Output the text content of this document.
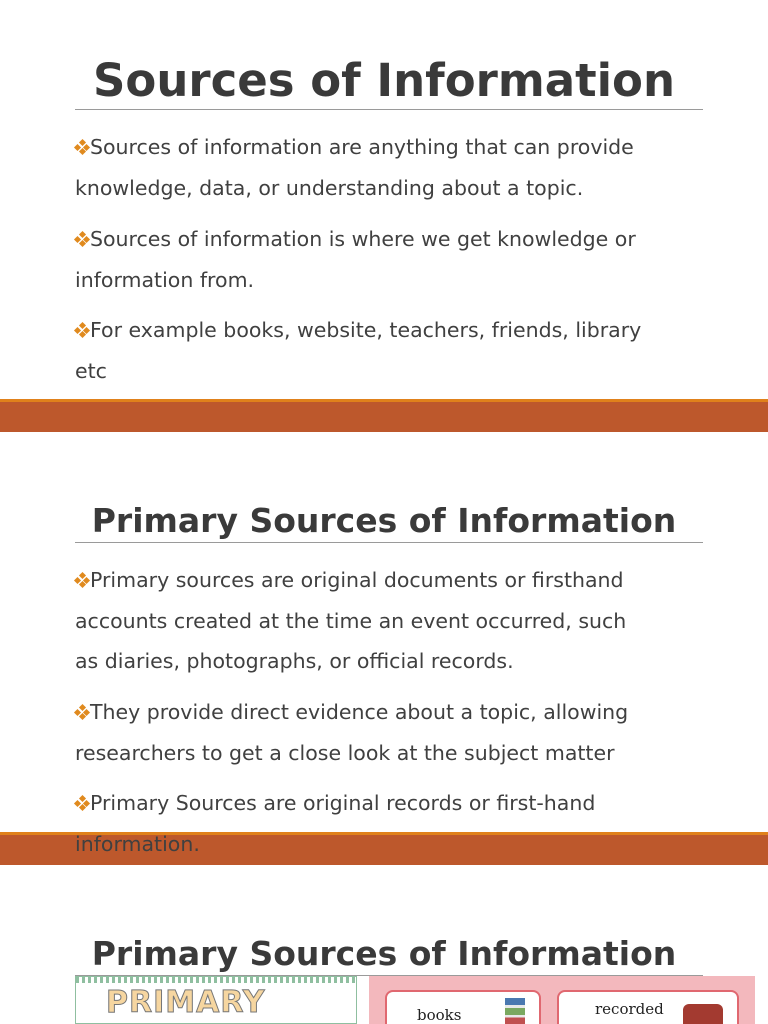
Sources of Information

Sources of information are anything that can provide
knowledge, data, or understanding about a topic.

Sources of information is where we get knowledge or
information from.

For example books, website, teachers, friends, library
etc

Primary Sources of Information

Primary sources are original documents or firsthand
accounts created at the time an event occurred, such
as diaries, photographs, or official records.

They provide direct evidence about a topic, allowing
researchers to get a close look at the subject matter

Primary Sources are original records or first-hand
information.

Primary Sources of Information
PRIMARY	books	recorded
